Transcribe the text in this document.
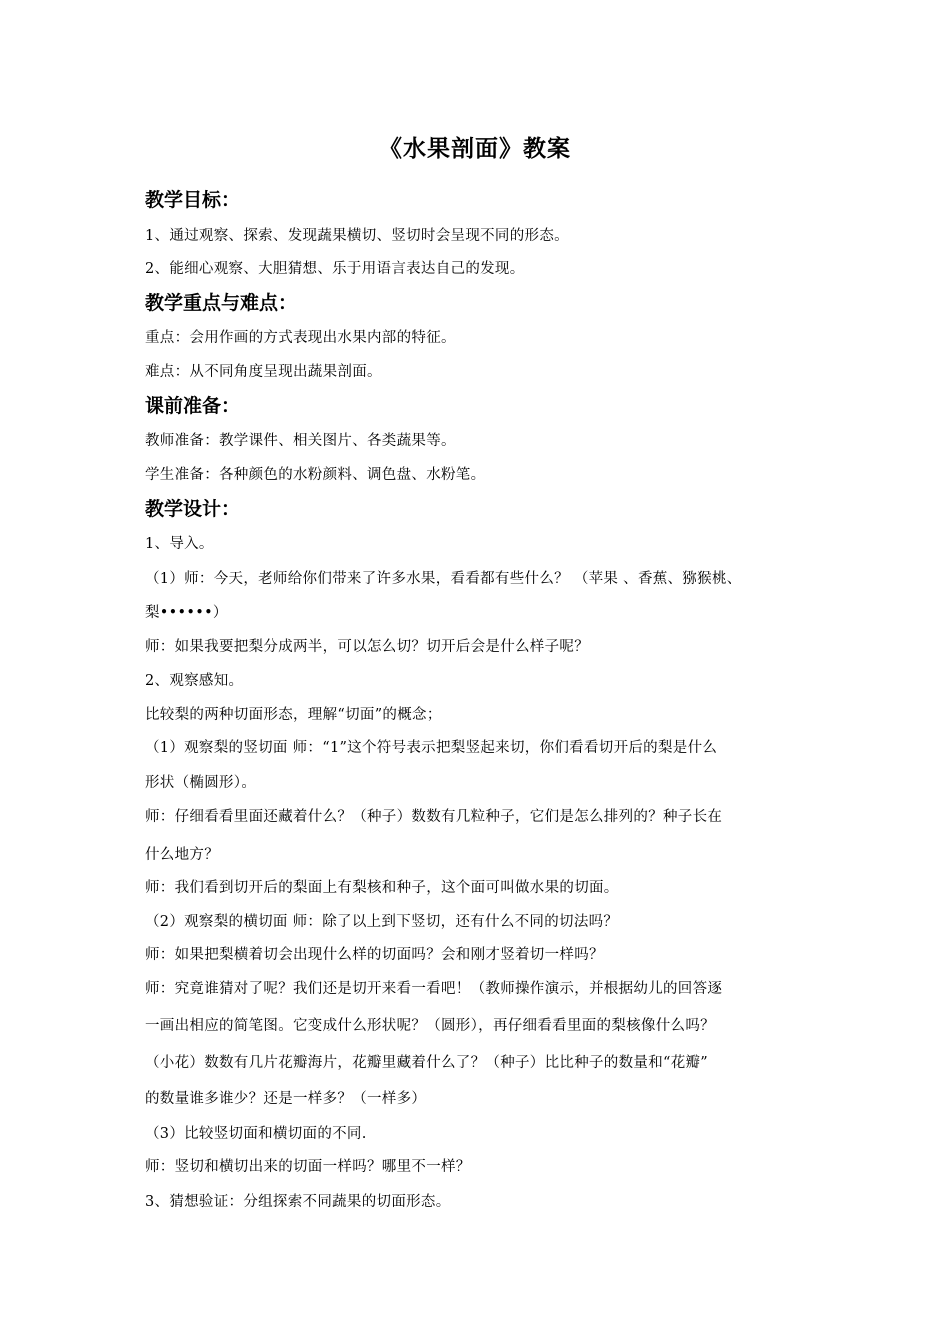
《水果剖面》教案
教学目标：
1、通过观察、探索、发现蔬果横切、竖切时会呈现不同的形态。
2、能细心观察、大胆猜想、乐于用语言表达自己的发现。
教学重点与难点：
重点：会用作画的方式表现出水果内部的特征。
难点：从不同角度呈现出蔬果剖面。
课前准备：
教师准备：教学课件、相关图片、各类蔬果等。
学生准备：各种颜色的水粉颜料、调色盘、水粉笔。
教学设计：
1、导入。
（1）师：今天，老师给你们带来了许多水果，看看都有些什么？ （苹果 、香蕉、猕猴桃、
梨••••••）
师：如果我要把梨分成两半，可以怎么切？切开后会是什么样子呢？
2、观察感知。
比较梨的两种切面形态，理解“切面”的概念；
（1）观察梨的竖切面 师：“1”这个符号表示把梨竖起来切，你们看看切开后的梨是什么
形状（椭圆形）。
师：仔细看看里面还藏着什么？（种子）数数有几粒种子，它们是怎么排列的？种子长在
什么地方？
师：我们看到切开后的梨面上有梨核和种子，这个面可叫做水果的切面。
（2）观察梨的横切面 师：除了以上到下竖切，还有什么不同的切法吗？
师：如果把梨横着切会出现什么样的切面吗？会和刚才竖着切一样吗？
师：究竟谁猜对了呢？我们还是切开来看一看吧！（教师操作演示，并根据幼儿的回答逐
一画出相应的简笔图。它变成什么形状呢？（圆形），再仔细看看里面的梨核像什么吗？
（小花）数数有几片花瓣海片，花瓣里藏着什么了？（种子）比比种子的数量和“花瓣”
的数量谁多谁少？还是一样多？（一样多）
（3）比较竖切面和横切面的不同.
师：竖切和横切出来的切面一样吗？哪里不一样？
3、猜想验证：分组探索不同蔬果的切面形态。
